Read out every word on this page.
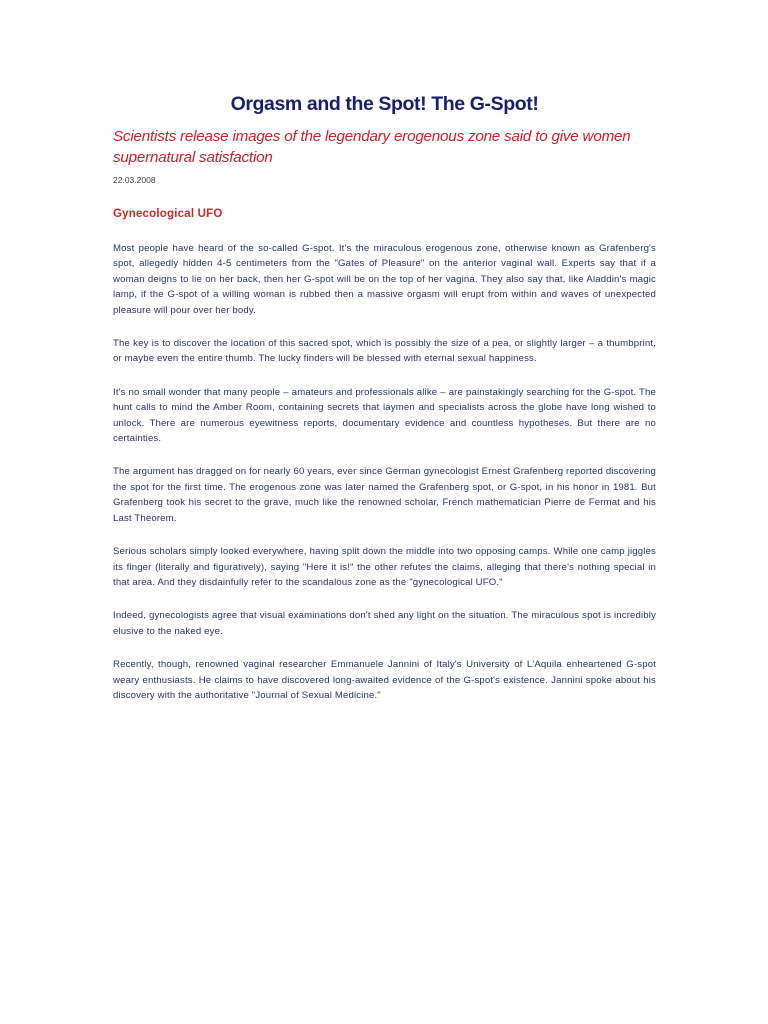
Orgasm and the Spot! The G-Spot!

Scientists release images of the legendary erogenous zone said to give women supernatural satisfaction

22.03.2008

Gynecological UFO

Most people have heard of the so-called G-spot. It's the miraculous erogenous zone, otherwise known as Grafenberg's spot, allegedly hidden 4-5 centimeters from the "Gates of Pleasure" on the anterior vaginal wall. Experts say that if a woman deigns to lie on her back, then her G-spot will be on the top of her vagina. They also say that, like Aladdin's magic lamp, if the G-spot of a willing woman is rubbed then a massive orgasm will erupt from within and waves of unexpected pleasure will pour over her body.

The key is to discover the location of this sacred spot, which is possibly the size of a pea, or slightly larger – a thumbprint, or maybe even the entire thumb. The lucky finders will be blessed with eternal sexual happiness.

It's no small wonder that many people – amateurs and professionals alike – are painstakingly searching for the G-spot. The hunt calls to mind the Amber Room, containing secrets that laymen and specialists across the globe have long wished to unlock. There are numerous eyewitness reports, documentary evidence and countless hypotheses. But there are no certainties.

The argument has dragged on for nearly 60 years, ever since German gynecologist Ernest Grafenberg reported discovering the spot for the first time. The erogenous zone was later named the Grafenberg spot, or G-spot, in his honor in 1981. But Grafenberg took his secret to the grave, much like the renowned scholar, French mathematician Pierre de Fermat and his Last Theorem.

Serious scholars simply looked everywhere, having split down the middle into two opposing camps. While one camp jiggles its finger (literally and figuratively), saying "Here it is!" the other refutes the claims, alleging that there's nothing special in that area. And they disdainfully refer to the scandalous zone as the "gynecological UFO."

Indeed, gynecologists agree that visual examinations don't shed any light on the situation. The miraculous spot is incredibly elusive to the naked eye.

Recently, though, renowned vaginal researcher Emmanuele Jannini of Italy's University of L'Aquila enheartened G-spot weary enthusiasts. He claims to have discovered long-awaited evidence of the G-spot's existence. Jannini spoke about his discovery with the authoritative "Journal of Sexual Medicine."
